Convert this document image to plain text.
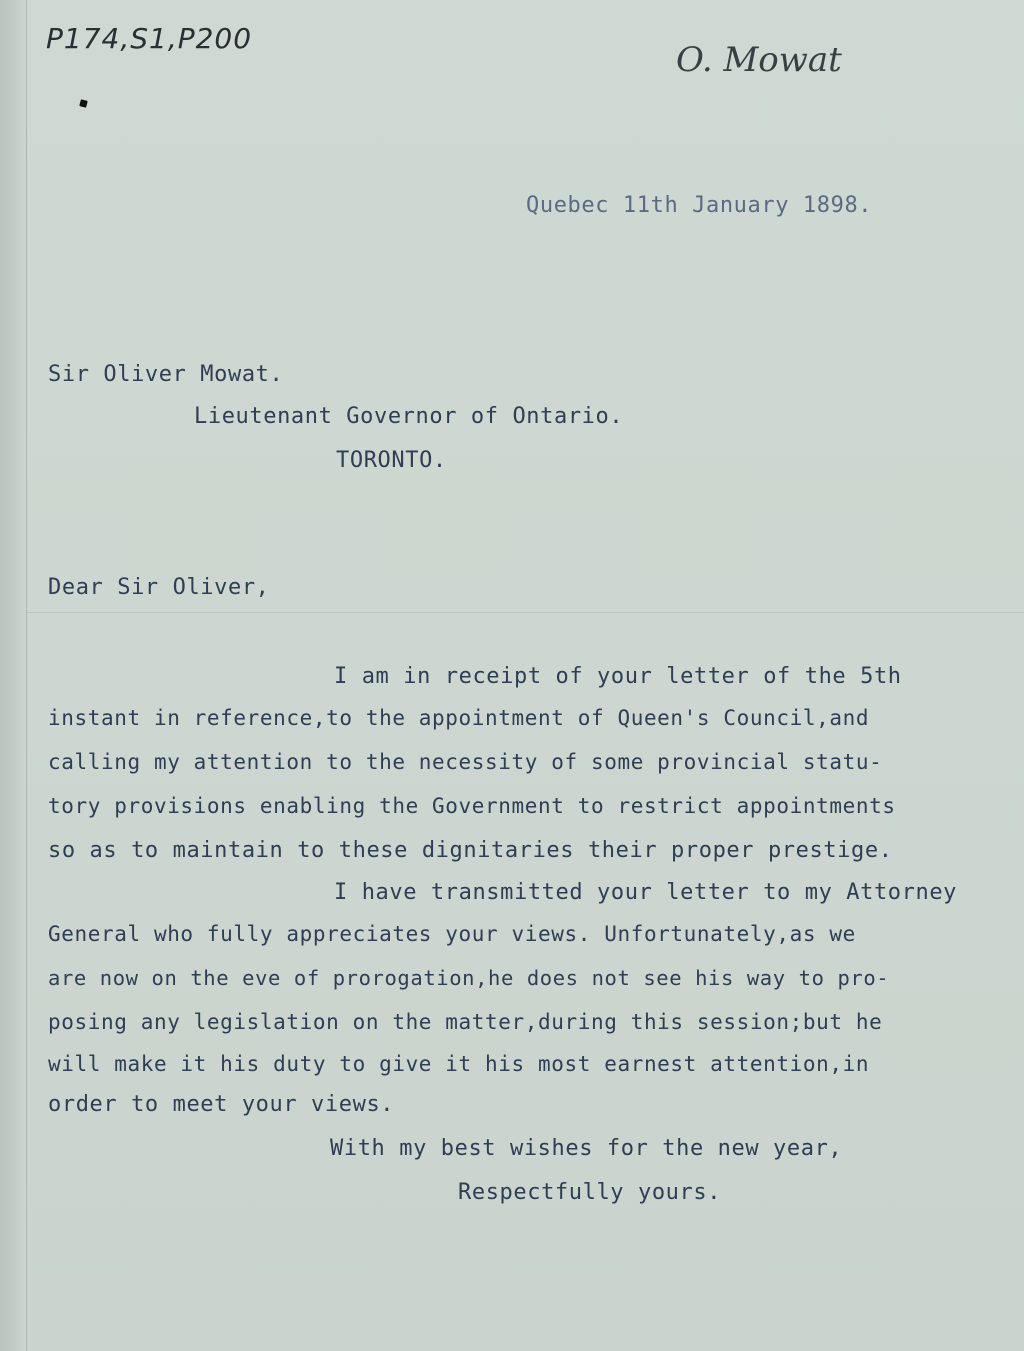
P174,S1,P200
O. Mowat
Quebec 11th January 1898.
Sir Oliver Mowat.
Lieutenant Governor of Ontario.
TORONTO.
Dear Sir Oliver,
I am in receipt of your letter of the 5th
instant in reference,to the appointment of Queen's Council,and
calling my attention to the necessity of some provincial statu-
tory provisions enabling the Government to restrict appointments
so as to maintain to these dignitaries their proper prestige.
I have transmitted your letter to my Attorney
General who fully appreciates your views. Unfortunately,as we
are now on the eve of prorogation,he does not see his way to pro-
posing any legislation on the matter,during this session;but he
will make it his duty to give it his most earnest attention,in
order to meet your views.
With my best wishes for the new year,
Respectfully yours.
